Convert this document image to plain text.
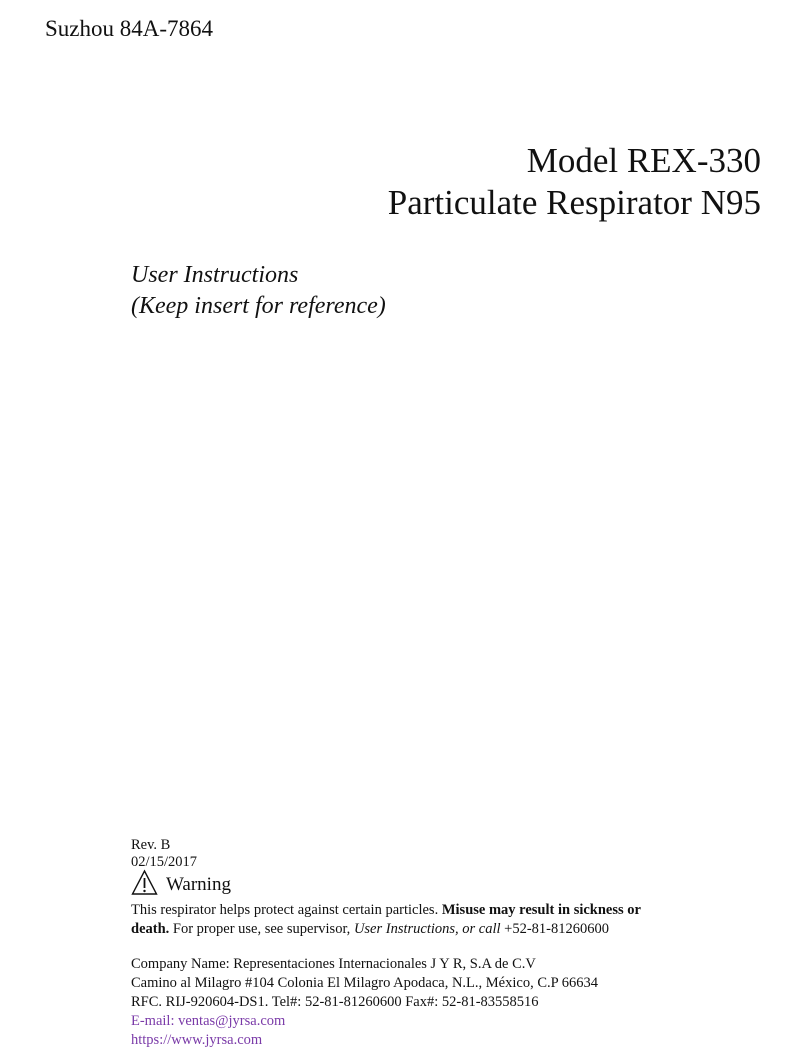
Suzhou 84A-7864
Model REX-330
Particulate Respirator N95
User Instructions
(Keep insert for reference)
Rev. B
02/15/2017
Warning
This respirator helps protect against certain particles. Misuse may result in sickness or
death. For proper use, see supervisor, User Instructions, or call +52-81-81260600
Company Name: Representaciones Internacionales J Y R, S.A de C.V
Camino al Milagro #104 Colonia El Milagro Apodaca, N.L., México, C.P 66634
RFC. RIJ-920604-DS1. Tel#: 52-81-81260600 Fax#: 52-81-83558516
E-mail: ventas@jyrsa.com
https://www.jyrsa.com
